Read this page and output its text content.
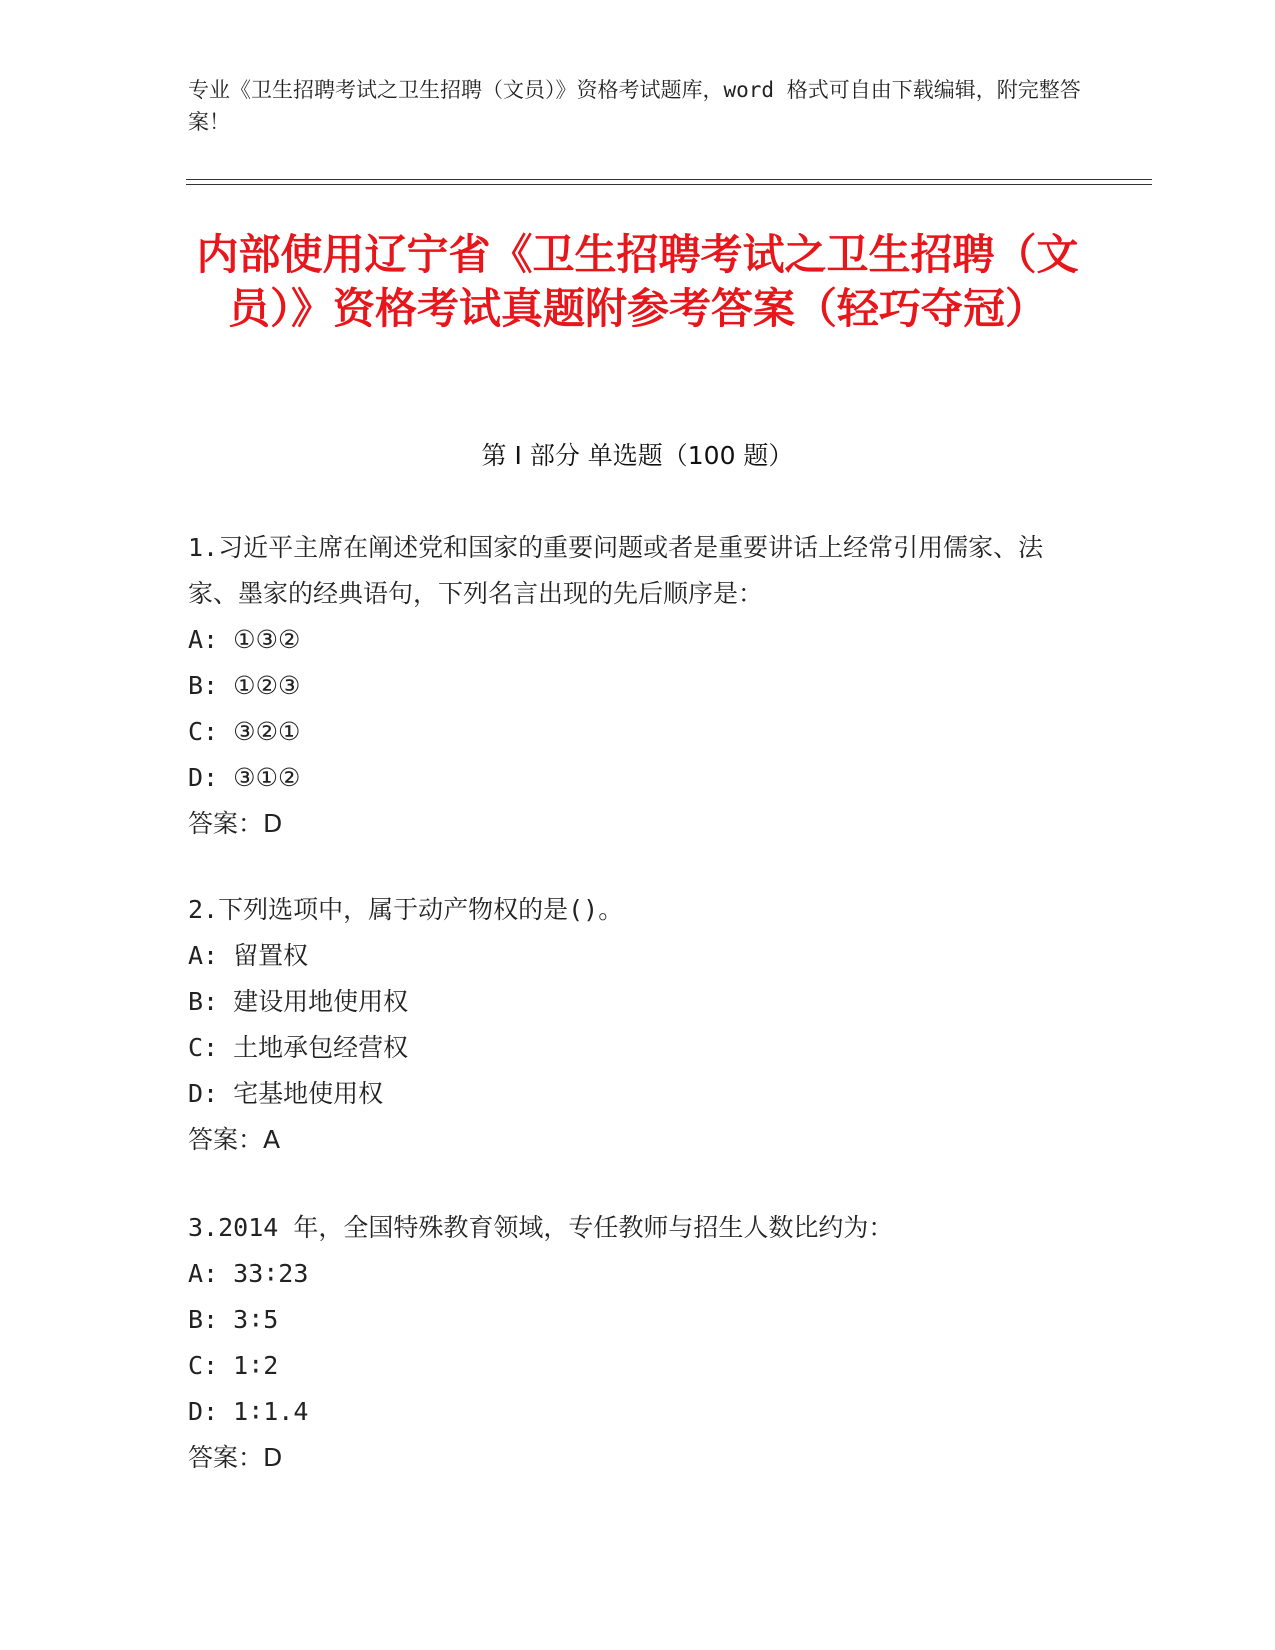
专业《卫生招聘考试之卫生招聘（文员）》资格考试题库，word 格式可自由下载编辑，附完整答案！
内部使用辽宁省《卫生招聘考试之卫生招聘（文员）》资格考试真题附参考答案（轻巧夺冠）
第 I 部分 单选题（100 题）
1.习近平主席在阐述党和国家的重要问题或者是重要讲话上经常引用儒家、法家、墨家的经典语句，下列名言出现的先后顺序是：
A: ①③②
B: ①②③
C: ③②①
D: ③①②
答案：D
2.下列选项中，属于动产物权的是()。
A: 留置权
B: 建设用地使用权
C: 土地承包经营权
D: 宅基地使用权
答案：A
3.2014 年，全国特殊教育领域，专任教师与招生人数比约为：
A: 33∶23
B: 3∶5
C: 1∶2
D: 1∶1.4
答案：D
